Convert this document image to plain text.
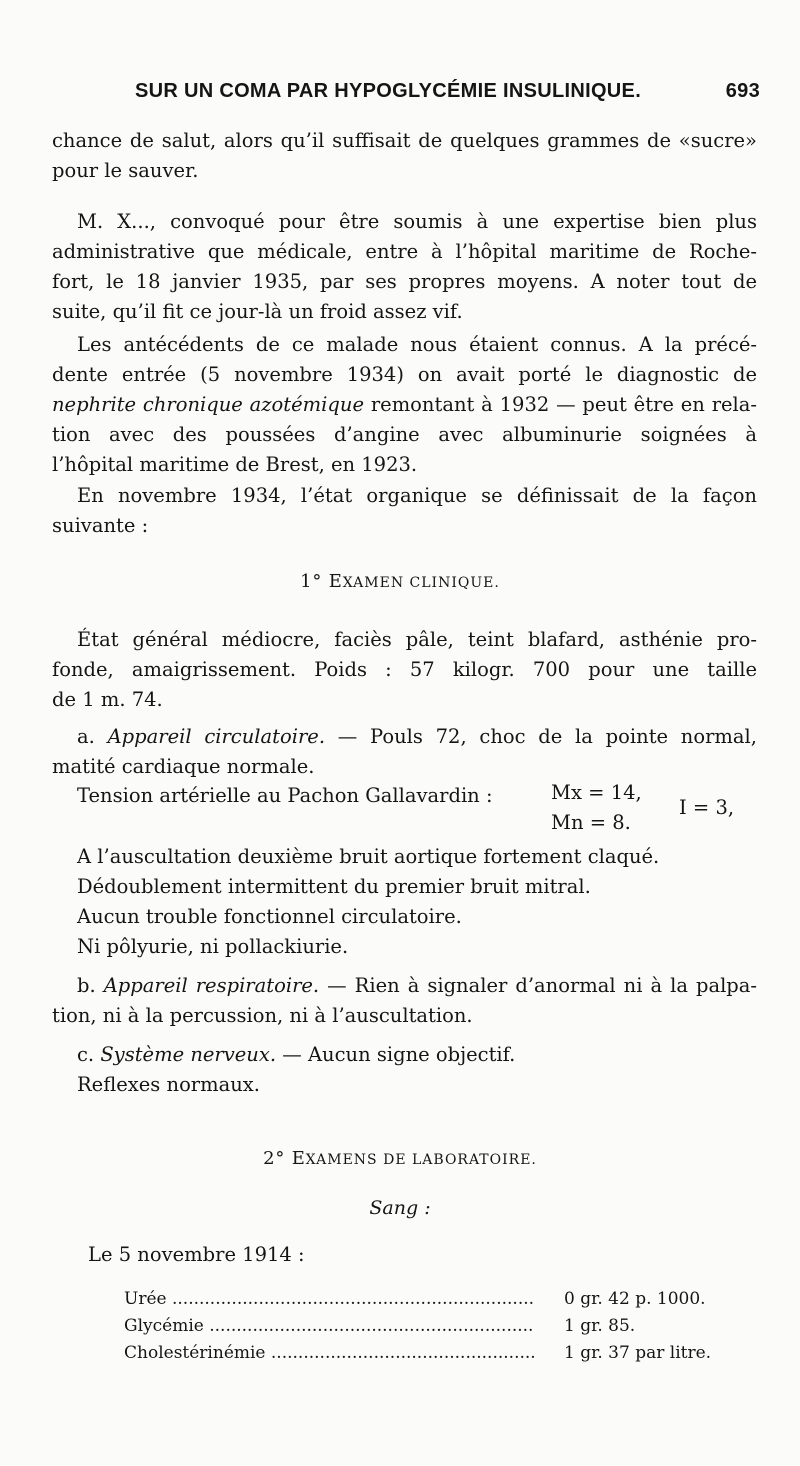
SUR UN COMA PAR HYPOGLYCÉMIE INSULINIQUE.	693
chance de salut, alors qu’il suffisait de quelques grammes de «sucre»
pour le sauver.
M. X..., convoqué pour être soumis à une expertise bien plus
administrative que médicale, entre à l’hôpital maritime de Roche-
fort, le 18 janvier 1935, par ses propres moyens. A noter tout de
suite, qu’il fit ce jour-là un froid assez vif.
Les antécédents de ce malade nous étaient connus. A la précé-
dente entrée (5 novembre 1934) on avait porté le diagnostic de
nephrite chronique azotémique remontant à 1932 — peut être en rela-
tion avec des poussées d’angine avec albuminurie soignées à
l’hôpital maritime de Brest, en 1923.
En novembre 1934, l’état organique se définissait de la façon
suivante :
1° EXAMEN CLINIQUE.
État général médiocre, faciès pâle, teint blafard, asthénie pro-
fonde, amaigrissement. Poids : 57 kilogr. 700 pour une taille
de 1 m. 74.
a. Appareil circulatoire. — Pouls 72, choc de la pointe normal,
matité cardiaque normale.
Tension artérielle au Pachon Gallavardin :	Mx = 14,
Mn = 8.
I = 3,
A l’auscultation deuxième bruit aortique fortement claqué.
Dédoublement intermittent du premier bruit mitral.
Aucun trouble fonctionnel circulatoire.
Ni pôlyurie, ni pollackiurie.
b. Appareil respiratoire. — Rien à signaler d’anormal ni à la palpa-
tion, ni à la percussion, ni à l’auscultation.
c. Système nerveux. — Aucun signe objectif.
Reflexes normaux.
2° EXAMENS DE LABORATOIRE.
Sang :
Le 5 novembre 1914 :
Urée .....	0 gr. 42 p. 1000.
Glycémie .....	1 gr. 85.
Cholestérinémie .....	1 gr. 37 par litre.
